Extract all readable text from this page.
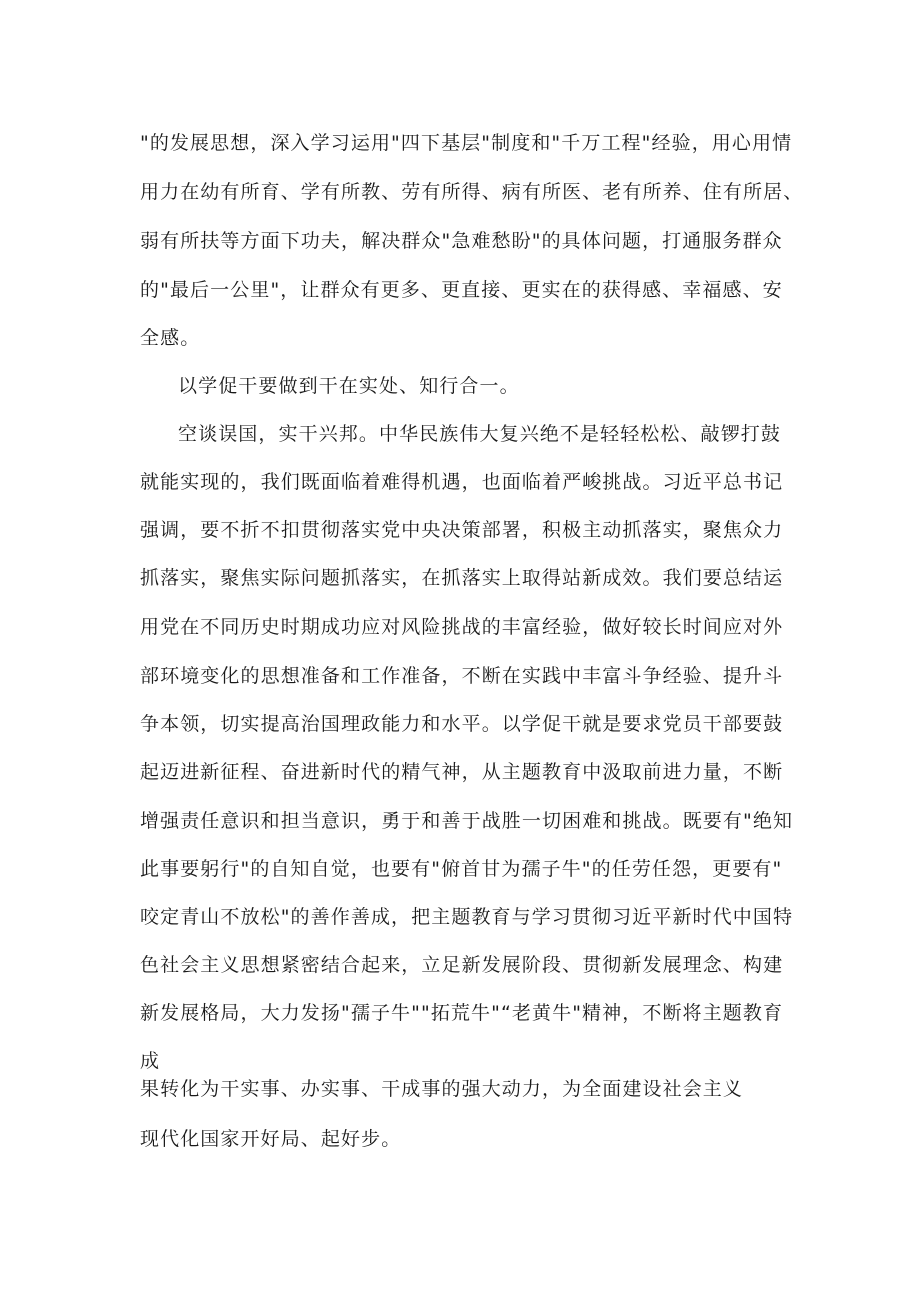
"的发展思想，深入学习运用"四下基层"制度和"千万工程"经验，用心用情

用力在幼有所育、学有所教、劳有所得、病有所医、老有所养、住有所居、

弱有所扶等方面下功夫，解决群众"急难愁盼"的具体问题，打通服务群众

的"最后一公里"，让群众有更多、更直接、更实在的获得感、幸福感、安

全感。

以学促干要做到干在实处、知行合一。

空谈误国，实干兴邦。中华民族伟大复兴绝不是轻轻松松、敲锣打鼓

就能实现的，我们既面临着难得机遇，也面临着严峻挑战。习近平总书记

强调，要不折不扣贯彻落实党中央决策部署，积极主动抓落实，聚焦众力

抓落实，聚焦实际问题抓落实，在抓落实上取得站新成效。我们要总结运

用党在不同历史时期成功应对风险挑战的丰富经验，做好较长时间应对外

部环境变化的思想准备和工作准备，不断在实践中丰富斗争经验、提升斗

争本领，切实提高治国理政能力和水平。以学促干就是要求党员干部要鼓

起迈进新征程、奋进新时代的精气神，从主题教育中汲取前进力量，不断

增强责任意识和担当意识，勇于和善于战胜一切困难和挑战。既要有"绝知

此事要躬行"的自知自觉，也要有"俯首甘为孺子牛"的任劳任怨，更要有"

咬定青山不放松"的善作善成，把主题教育与学习贯彻习近平新时代中国特

色社会主义思想紧密结合起来，立足新发展阶段、贯彻新发展理念、构建

新发展格局，大力发扬"孺子牛""拓荒牛"“老黄牛"精神，不断将主题教育

成

果转化为干实事、办实事、干成事的强大动力，为全面建设社会主义

现代化国家开好局、起好步。
